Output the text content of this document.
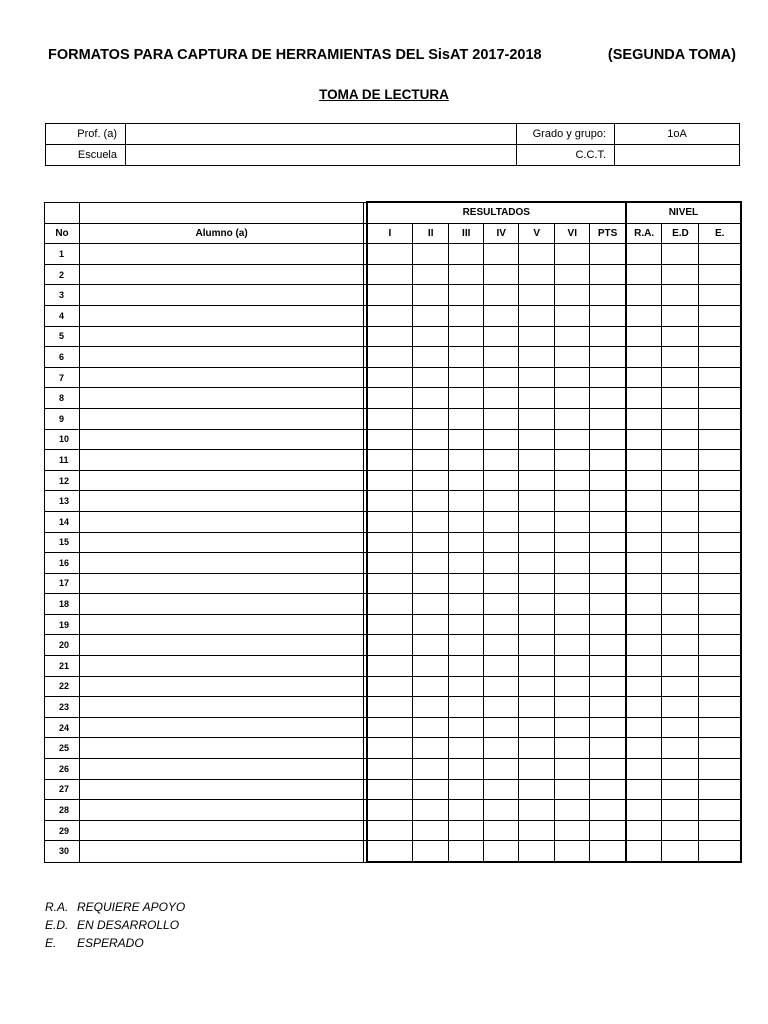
FORMATOS PARA CAPTURA DE HERRAMIENTAS DEL SisAT 2017-2018	(SEGUNDA TOMA)
TOMA DE LECTURA
Prof. (a)		Grado y grupo:	1oA
Escuela		C.C.T.	
			RESULTADOS							NIVEL		
No	Alumno (a)		I	II	III	IV	V	VI	PTS	R.A.	E.D	E.
1												
2												
3												
4												
5												
6												
7												
8												
9												
10												
11												
12												
13												
14												
15												
16												
17												
18												
19												
20												
21												
22												
23												
24												
25												
26												
27												
28												
29												
30												
R.A. REQUIERE APOYO
E.D. EN DESARROLLO
E. ESPERADO
